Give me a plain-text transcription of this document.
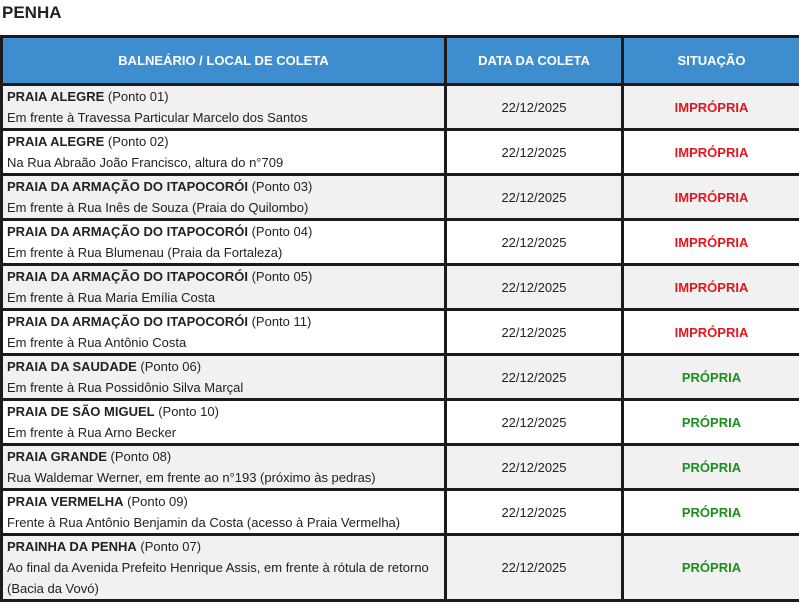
PENHA
BALNEÁRIO / LOCAL DE COLETA	DATA DA COLETA	SITUAÇÃO
PRAIA ALEGRE (Ponto 01)
Em frente à Travessa Particular Marcelo dos Santos	22/12/2025	IMPRÓPRIA
PRAIA ALEGRE (Ponto 02)
Na Rua Abraão João Francisco, altura do n°709	22/12/2025	IMPRÓPRIA
PRAIA DA ARMAÇÃO DO ITAPOCORÓI (Ponto 03)
Em frente à Rua Inês de Souza (Praia do Quilombo)	22/12/2025	IMPRÓPRIA
PRAIA DA ARMAÇÃO DO ITAPOCORÓI (Ponto 04)
Em frente à Rua Blumenau (Praia da Fortaleza)	22/12/2025	IMPRÓPRIA
PRAIA DA ARMAÇÃO DO ITAPOCORÓI (Ponto 05)
Em frente à Rua Maria Emília Costa	22/12/2025	IMPRÓPRIA
PRAIA DA ARMAÇÃO DO ITAPOCORÓI (Ponto 11)
Em frente à Rua Antônio Costa	22/12/2025	IMPRÓPRIA
PRAIA DA SAUDADE (Ponto 06)
Em frente à Rua Possidônio Silva Marçal	22/12/2025	PRÓPRIA
PRAIA DE SÃO MIGUEL (Ponto 10)
Em frente à Rua Arno Becker	22/12/2025	PRÓPRIA
PRAIA GRANDE (Ponto 08)
Rua Waldemar Werner, em frente ao n°193 (próximo às pedras)	22/12/2025	PRÓPRIA
PRAIA VERMELHA (Ponto 09)
Frente à Rua Antônio Benjamin da Costa (acesso à Praia Vermelha)	22/12/2025	PRÓPRIA
PRAINHA DA PENHA (Ponto 07)
Ao final da Avenida Prefeito Henrique Assis, em frente à rótula de retorno (Bacia da Vovó)	22/12/2025	PRÓPRIA
